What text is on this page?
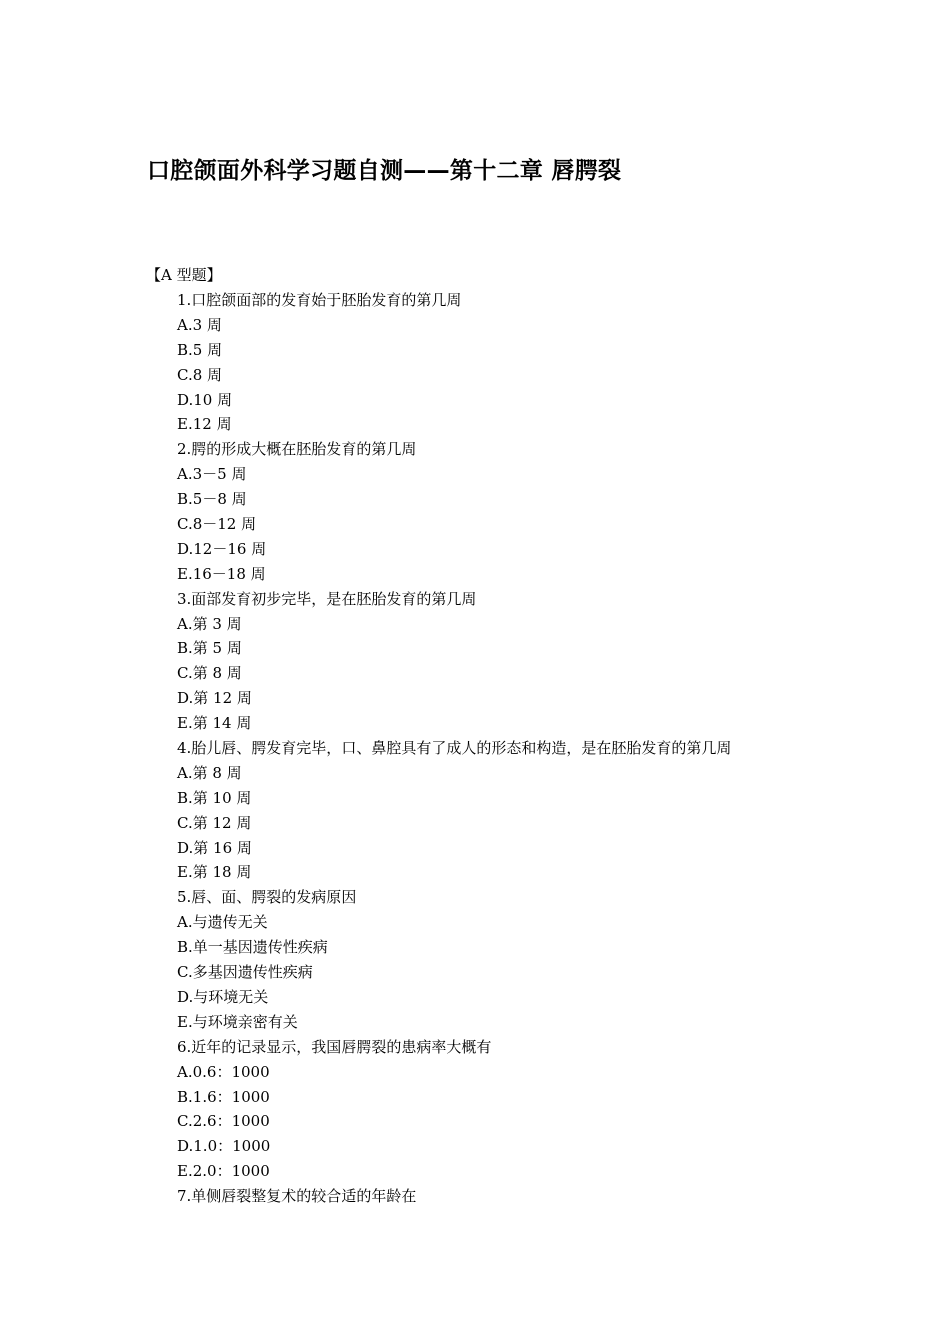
口腔颌面外科学习题自测——第十二章 唇腭裂
【A 型题】
1.口腔颌面部的发育始于胚胎发育的第几周
A.3 周
B.5 周
C.8 周
D.10 周
E.12 周
2.腭的形成大概在胚胎发育的第几周
A.3－5 周
B.5－8 周
C.8－12 周
D.12－16 周
E.16－18 周
3.面部发育初步完毕，是在胚胎发育的第几周
A.第 3 周
B.第 5 周
C.第 8 周
D.第 12 周
E.第 14 周
4.胎儿唇、腭发育完毕，口、鼻腔具有了成人的形态和构造，是在胚胎发育的第几周
A.第 8 周
B.第 10 周
C.第 12 周
D.第 16 周
E.第 18 周
5.唇、面、腭裂的发病原因
A.与遗传无关
B.单一基因遗传性疾病
C.多基因遗传性疾病
D.与环境无关
E.与环境亲密有关
6.近年的记录显示，我国唇腭裂的患病率大概有
A.0.6：1000
B.1.6：1000
C.2.6：1000
D.1.0：1000
E.2.0：1000
7.单侧唇裂整复术的较合适的年龄在
